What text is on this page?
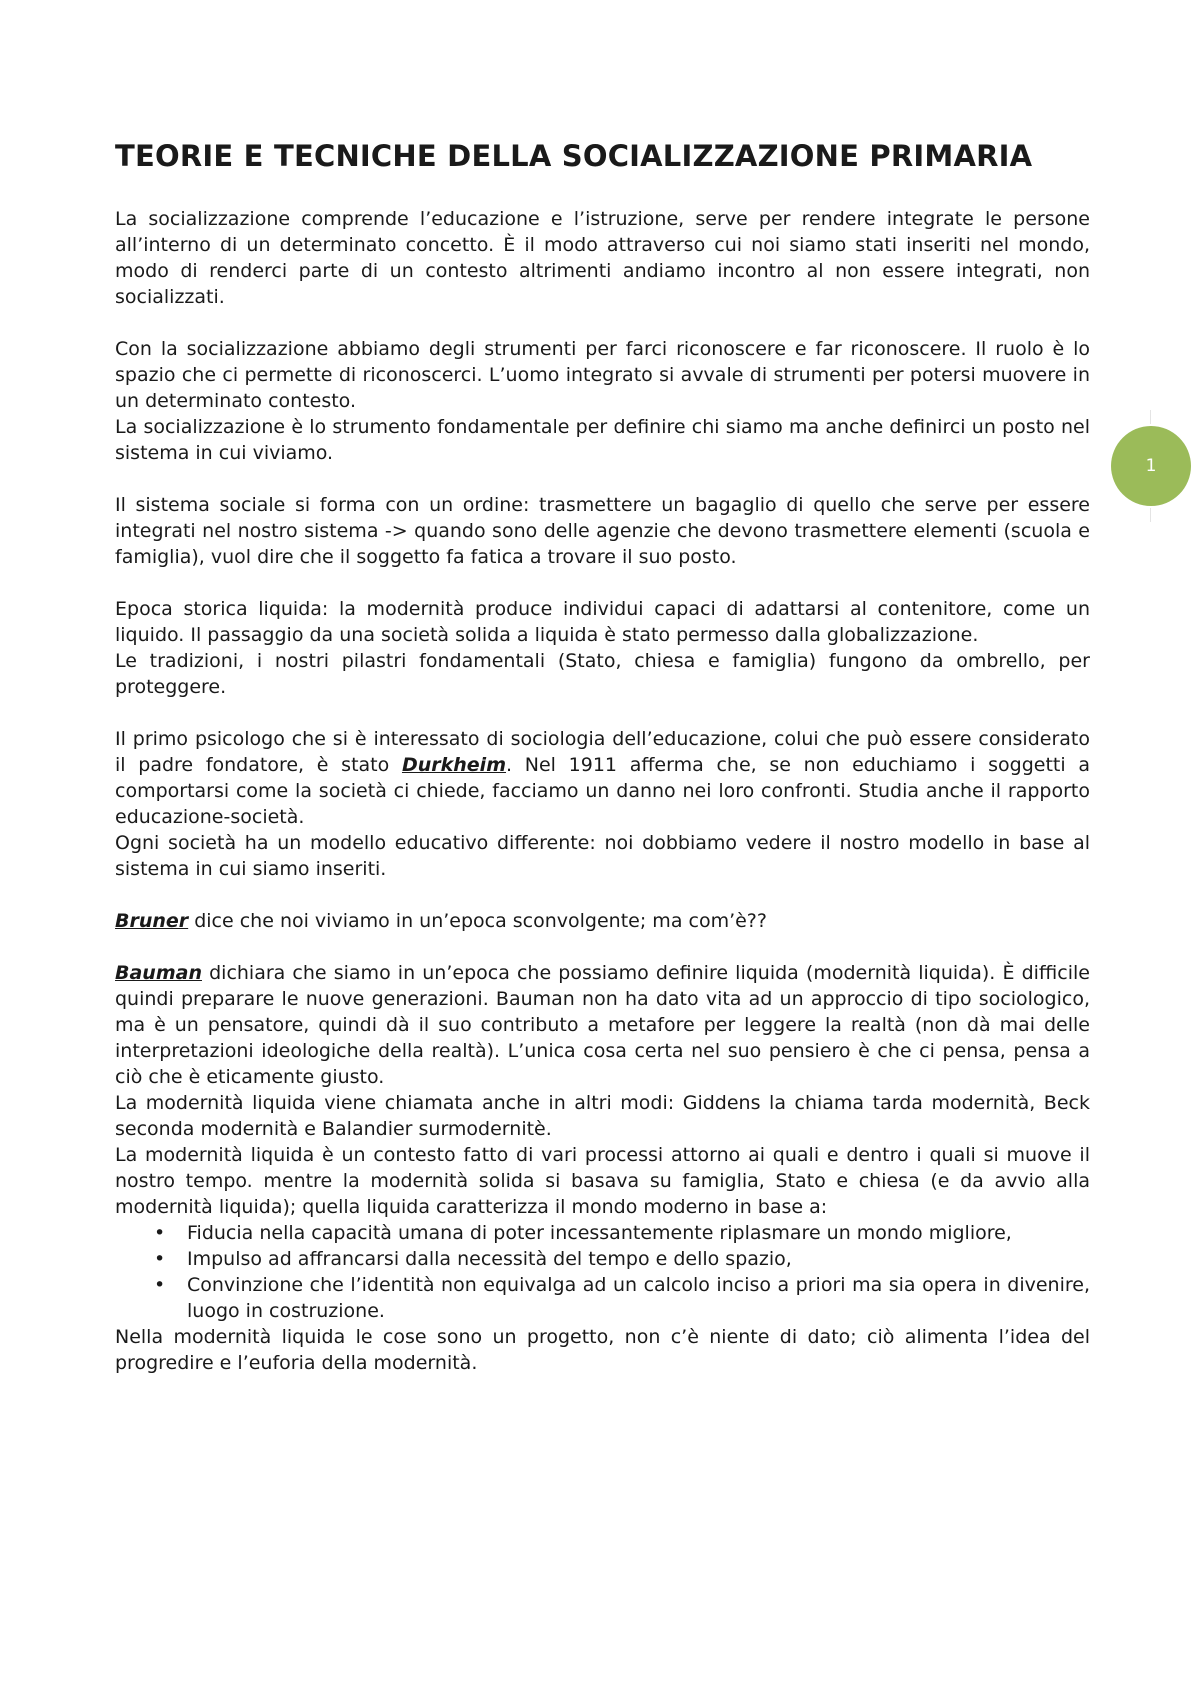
1
TEORIE E TECNICHE DELLA SOCIALIZZAZIONE PRIMARIA

La socializzazione comprende l’educazione e l’istruzione, serve per rendere integrate le persone all’interno di un determinato concetto. È il modo attraverso cui noi siamo stati inseriti nel mondo, modo di renderci parte di un contesto altrimenti andiamo incontro al non essere integrati, non socializzati.

Con la socializzazione abbiamo degli strumenti per farci riconoscere e far riconoscere. Il ruolo è lo spazio che ci permette di riconoscerci. L’uomo integrato si avvale di strumenti per potersi muovere in un determinato contesto.

La socializzazione è lo strumento fondamentale per definire chi siamo ma anche definirci un posto nel sistema in cui viviamo.

Il sistema sociale si forma con un ordine: trasmettere un bagaglio di quello che serve per essere integrati nel nostro sistema -> quando sono delle agenzie che devono trasmettere elementi (scuola e famiglia), vuol dire che il soggetto fa fatica a trovare il suo posto.

Epoca storica liquida: la modernità produce individui capaci di adattarsi al contenitore, come un liquido. Il passaggio da una società solida a liquida è stato permesso dalla globalizzazione.

Le tradizioni, i nostri pilastri fondamentali (Stato, chiesa e famiglia) fungono da ombrello, per proteggere.

Il primo psicologo che si è interessato di sociologia dell’educazione, colui che può essere considerato il padre fondatore, è stato Durkheim. Nel 1911 afferma che, se non educhiamo i soggetti a comportarsi come la società ci chiede, facciamo un danno nei loro confronti. Studia anche il rapporto educazione-società.

Ogni società ha un modello educativo differente: noi dobbiamo vedere il nostro modello in base al sistema in cui siamo inseriti.

Bruner dice che noi viviamo in un’epoca sconvolgente; ma com’è??

Bauman dichiara che siamo in un’epoca che possiamo definire liquida (modernità liquida). È difficile quindi preparare le nuove generazioni. Bauman non ha dato vita ad un approccio di tipo sociologico, ma è un pensatore, quindi dà il suo contributo a metafore per leggere la realtà (non dà mai delle interpretazioni ideologiche della realtà). L’unica cosa certa nel suo pensiero è che ci pensa, pensa a ciò che è eticamente giusto.

La modernità liquida viene chiamata anche in altri modi: Giddens la chiama tarda modernità, Beck seconda modernità e Balandier surmodernitè.

La modernità liquida è un contesto fatto di vari processi attorno ai quali e dentro i quali si muove il nostro tempo. mentre la modernità solida si basava su famiglia, Stato e chiesa (e da avvio alla modernità liquida); quella liquida caratterizza il mondo moderno in base a:

• Fiducia nella capacità umana di poter incessantemente riplasmare un mondo migliore,
• Impulso ad affrancarsi dalla necessità del tempo e dello spazio,
• Convinzione che l’identità non equivalga ad un calcolo inciso a priori ma sia opera in divenire, luogo in costruzione.

Nella modernità liquida le cose sono un progetto, non c’è niente di dato; ciò alimenta l’idea del progredire e l’euforia della modernità.
